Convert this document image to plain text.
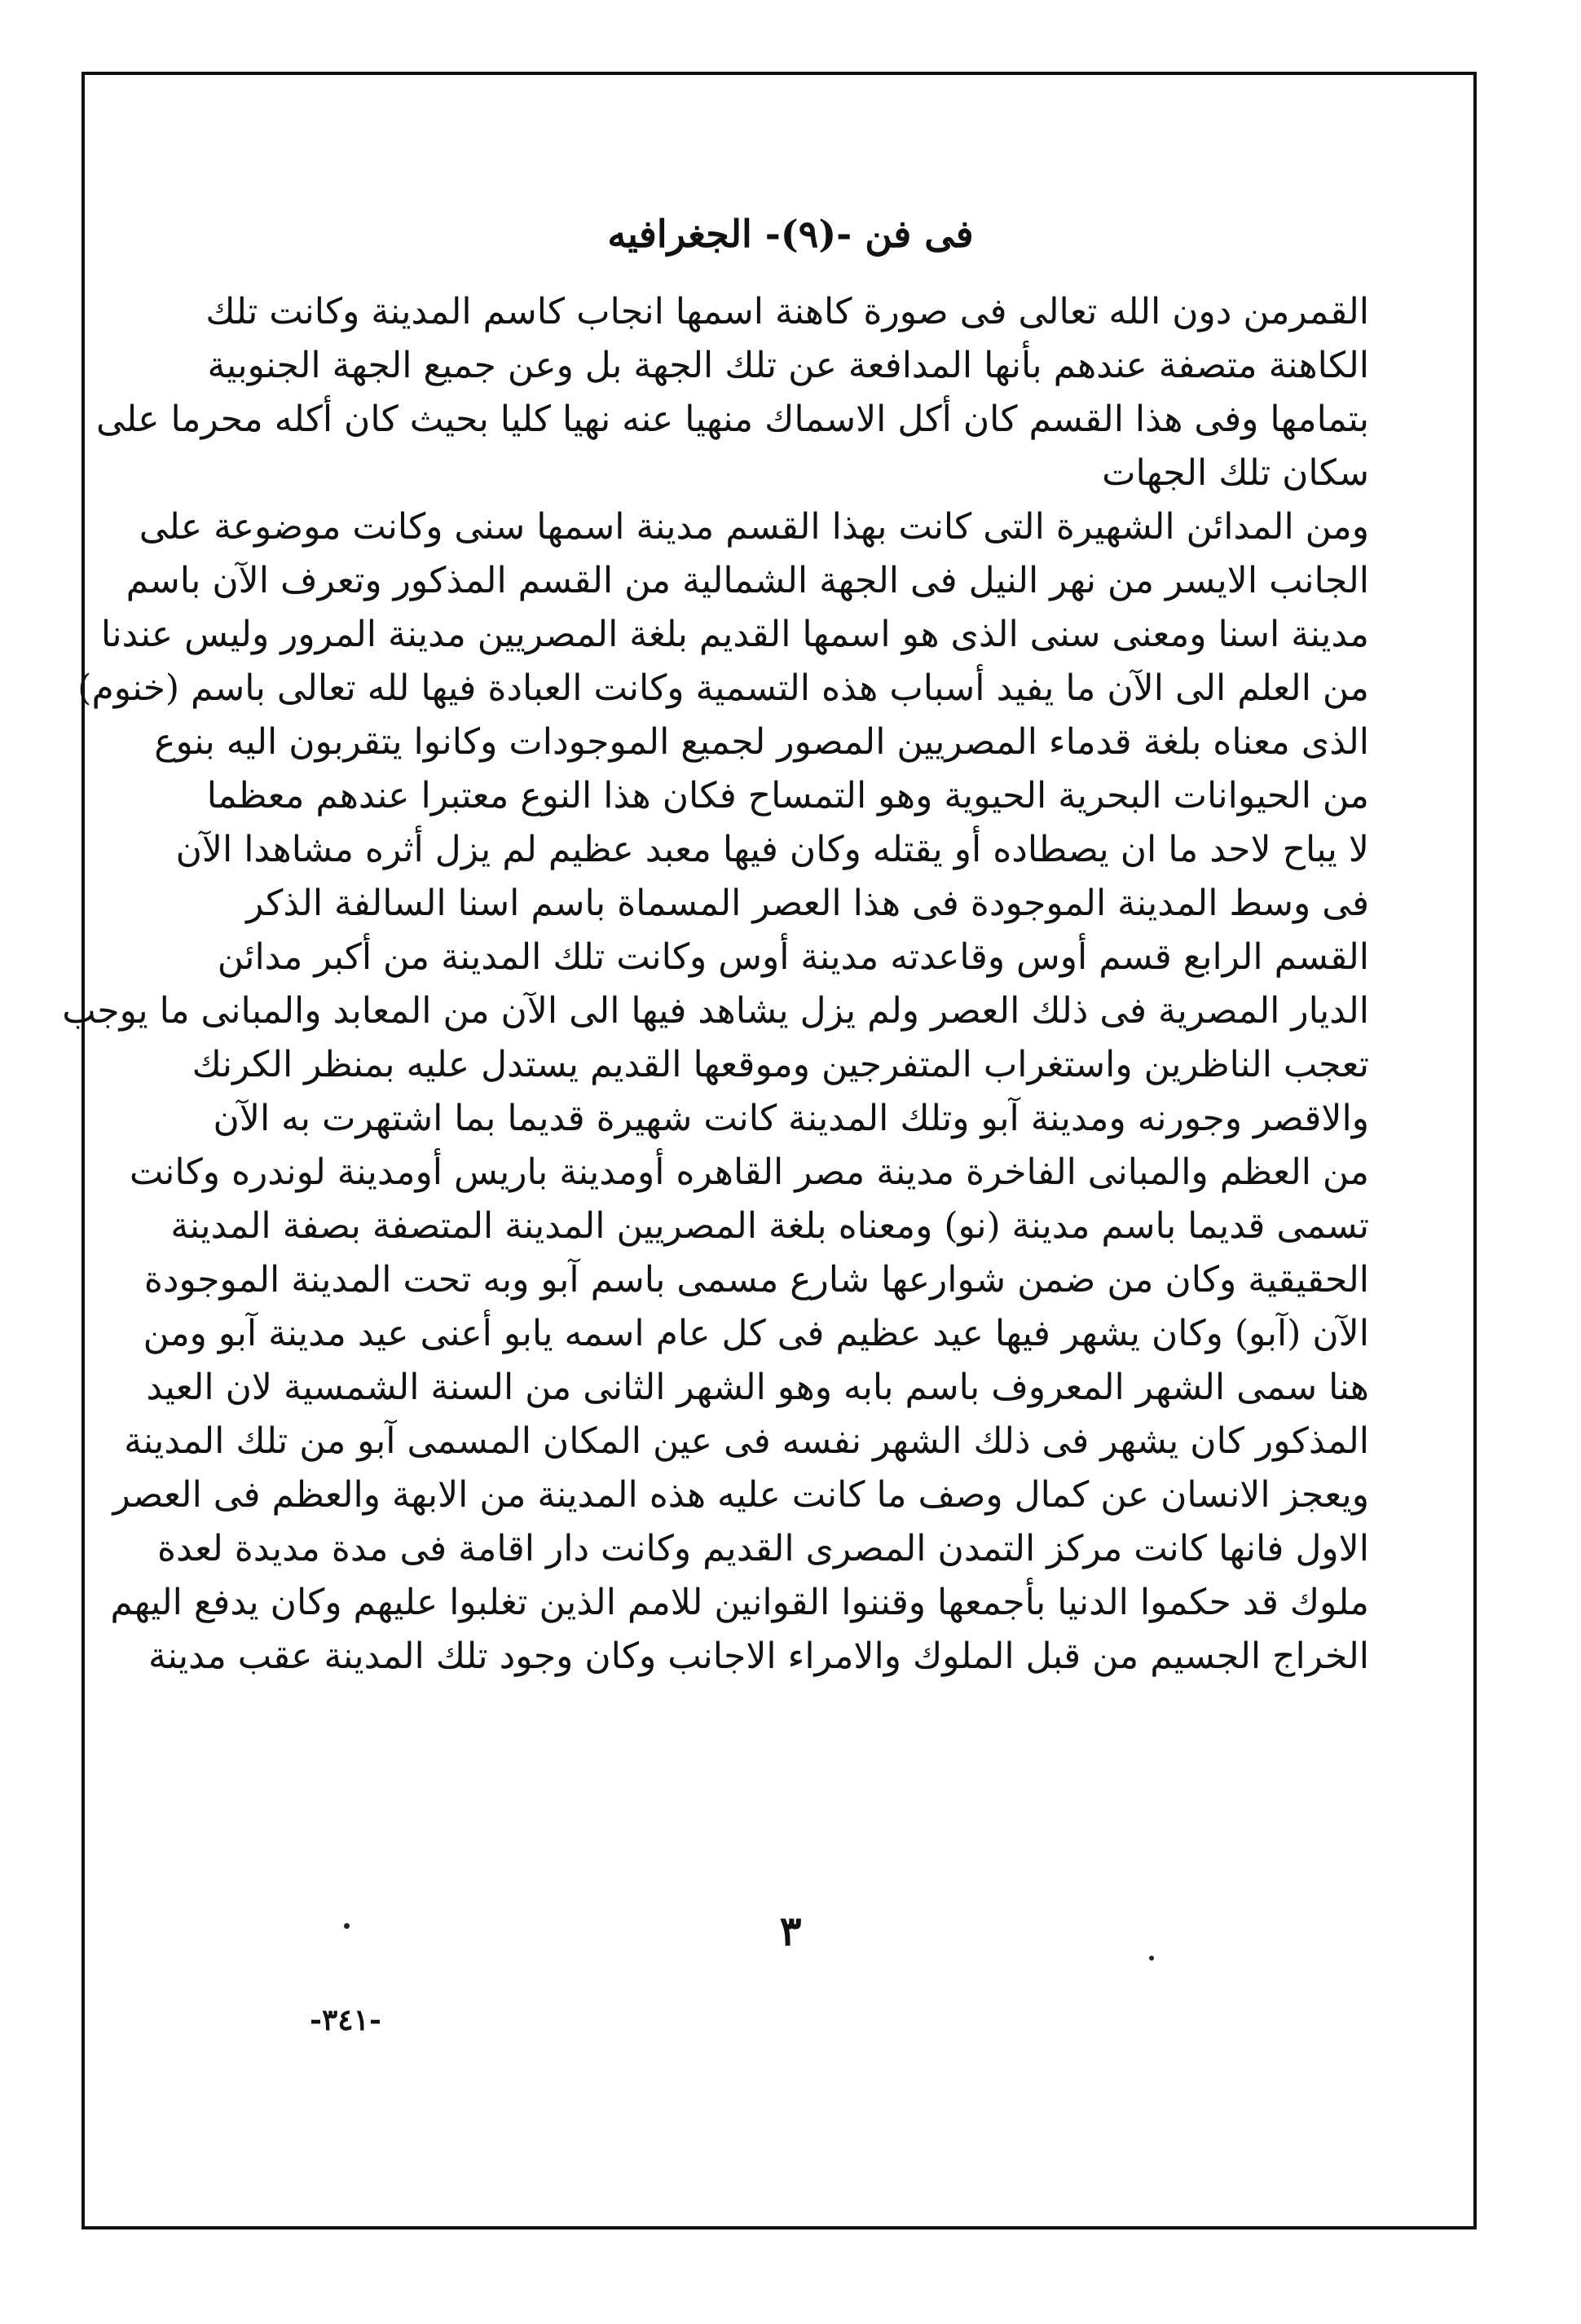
فى فن -(٩)- الجغرافيه
القمرمن دون الله تعالى فى صورة كاهنة اسمها انجاب كاسم المدينة وكانت تلك
الكاهنة متصفة عندهم بأنها المدافعة عن تلك الجهة بل وعن جميع الجهة الجنوبية
بتمامها وفى هذا القسم كان أكل الاسماك منهيا عنه نهيا كليا بحيث كان أكله محرما على
سكان تلك الجهات
ومن المدائن الشهيرة التى كانت بهذا القسم مدينة اسمها سنى وكانت موضوعة على
الجانب الايسر من نهر النيل فى الجهة الشمالية من القسم المذكور وتعرف الآن باسم
مدينة اسنا ومعنى سنى الذى هو اسمها القديم بلغة المصريين مدينة المرور وليس عندنا
من العلم الى الآن ما يفيد أسباب هذه التسمية وكانت العبادة فيها لله تعالى باسم (خنوم)
الذى معناه بلغة قدماء المصريين المصور لجميع الموجودات وكانوا يتقربون اليه بنوع
من الحيوانات البحرية الحيوية وهو التمساح فكان هذا النوع معتبرا عندهم معظما
لا يباح لاحد ما ان يصطاده أو يقتله وكان فيها معبد عظيم لم يزل أثره مشاهدا الآن
فى وسط المدينة الموجودة فى هذا العصر المسماة باسم اسنا السالفة الذكر
القسم الرابع قسم أوس وقاعدته مدينة أوس وكانت تلك المدينة من أكبر مدائن
الديار المصرية فى ذلك العصر ولم يزل يشاهد فيها الى الآن من المعابد والمبانى ما يوجب
تعجب الناظرين واستغراب المتفرجين وموقعها القديم يستدل عليه بمنظر الكرنك
والاقصر وجورنه ومدينة آبو وتلك المدينة كانت شهيرة قديما بما اشتهرت به الآن
من العظم والمبانى الفاخرة مدينة مصر القاهره أومدينة باريس أومدينة لوندره وكانت
تسمى قديما باسم مدينة (نو) ومعناه بلغة المصريين المدينة المتصفة بصفة المدينة
الحقيقية وكان من ضمن شوارعها شارع مسمى باسم آبو وبه تحت المدينة الموجودة
الآن (آبو) وكان يشهر فيها عيد عظيم فى كل عام اسمه يابو أعنى عيد مدينة آبو ومن
هنا سمى الشهر المعروف باسم بابه وهو الشهر الثانى من السنة الشمسية لان العيد
المذكور كان يشهر فى ذلك الشهر نفسه فى عين المكان المسمى آبو من تلك المدينة
ويعجز الانسان عن كمال وصف ما كانت عليه هذه المدينة من الابهة والعظم فى العصر
الاول فانها كانت مركز التمدن المصرى القديم وكانت دار اقامة فى مدة مديدة لعدة
ملوك قد حكموا الدنيا بأجمعها وقننوا القوانين للامم الذين تغلبوا عليهم وكان يدفع اليهم
الخراج الجسيم من قبل الملوك والامراء الاجانب وكان وجود تلك المدينة عقب مدينة
٣
-٣٤١-
